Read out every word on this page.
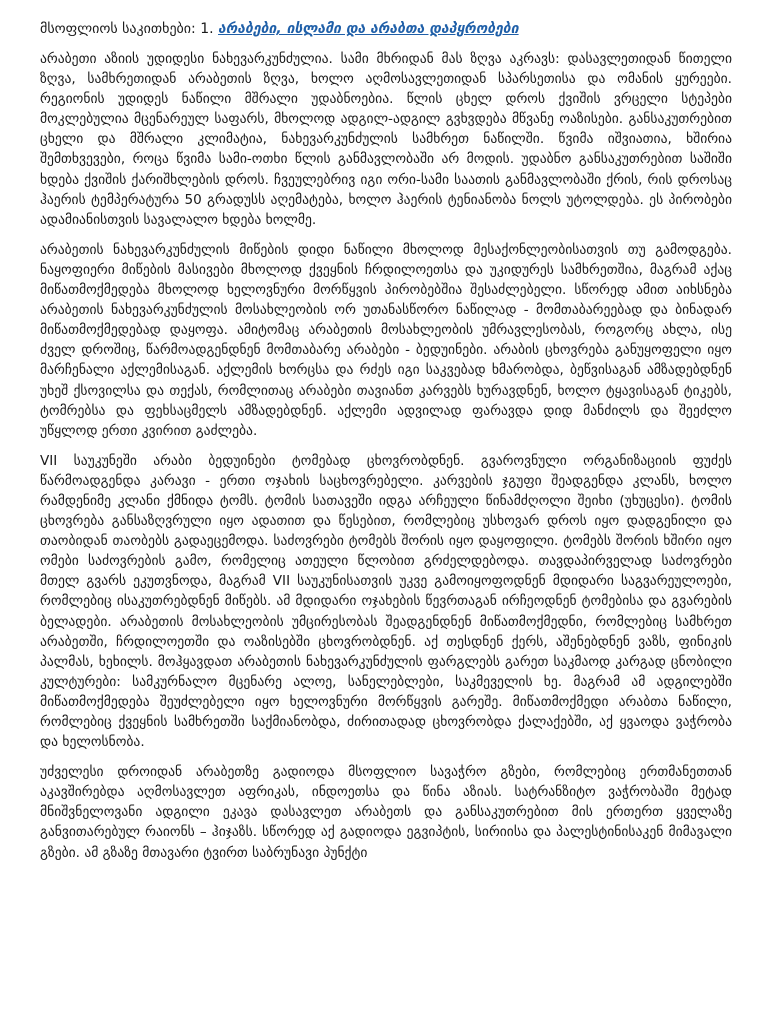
მსოფლიოს საკითხები: 1. არაბები, ისლამი და არაბთა დაპყრობები

არაბეთი აზიის უდიდესი ნახევარკუნძულია. სამი მხრიდან მას ზღვა აკრავს: დასავლეთიდან წითელი ზღვა, სამხრეთიდან არაბეთის ზღვა, ხოლო აღმოსავლეთიდან სპარსეთისა და ომანის ყურეები. რეგიონის უდიდეს ნაწილი მშრალი უდაბნოებია. წლის ცხელ დროს ქვიშის ვრცელი სტეპები მოკლებულია მცენარეულ საფარს, მხოლოდ ადგილ-ადგილ გვხვდება მწვანე ოაზისები. განსაკუთრებით ცხელი და მშრალი კლიმატია, ნახევარკუნძულის სამხრეთ ნაწილში. წვიმა იშვიათია, ხშირია შემთხვევები, როცა წვიმა სამი-ოთხი წლის განმავლობაში არ მოდის. უდაბნო განსაკუთრებით საშიში ხდება ქვიშის ქარიშხლების დროს. ჩვეულებრივ იგი ორი-სამი საათის განმავლობაში ქრის, რის დროსაც ჰაერის ტემპერატურა 50 გრადუსს აღემატება, ხოლო ჰაერის ტენიანობა ნოლს უტოლდება. ეს პირობები ადამიანისთვის სავალალო ხდება ხოლმე.

არაბეთის ნახევარკუნძულის მიწების დიდი ნაწილი მხოლოდ მესაქონლეობისათვის თუ გამოდგება. ნაყოფიერი მიწების მასივები მხოლოდ ქვეყნის ჩრდილოეთსა და უკიდურეს სამხრეთშია, მაგრამ აქაც მიწათმოქმედება მხოლოდ ხელოვნური მორწყვის პირობებშია შესაძლებელი. სწორედ ამით აიხსნება არაბეთის ნახევარკუნძულის მოსახლეობის ორ უთანასწორო ნაწილად - მომთაბარეებად და ბინადარ მიწათმოქმედებად დაყოფა. ამიტომაც არაბეთის მოსახლეობის უმრავლესობას, როგორც ახლა, ისე ძველ დროშიც, წარმოადგენდნენ მომთაბარე არაბები - ბედუინები. არაბის ცხოვრება განუყოფელი იყო მარჩენალი აქლემისაგან. აქლემის ხორცსა და რძეს იგი საკვებად ხმარობდა, ბეწვისაგან ამზადებდნენ უხეშ ქსოვილსა და თექას, რომლითაც არაბები თავიანთ კარვებს ხურავდნენ, ხოლო ტყავისაგან ტიკებს, ტომრებსა და ფეხსაცმელს ამზადებდნენ. აქლემი ადვილად ფარავდა დიდ მანძილს და შეეძლო უწყლოდ ერთი კვირით გაძლება.

VII საუკუნეში არაბი ბედუინები ტომებად ცხოვრობდნენ. გვაროვნული ორგანიზაციის ფუძეს წარმოადგენდა კარავი - ერთი ოჯახის საცხოვრებელი. კარვების ჯგუფი შეადგენდა კლანს, ხოლო რამდენიმე კლანი ქმნიდა ტომს. ტომის სათავეში იდგა არჩეული წინამძღოლი შეიხი (უხუცესი). ტომის ცხოვრება განსაზღვრული იყო ადათით და წესებით, რომლებიც უსხოვარ დროს იყო დადგენილი და თაობიდან თაობებს გადაეცემოდა. საძოვრები ტომებს შორის იყო დაყოფილი. ტომებს შორის ხშირი იყო ომები საძოვრების გამო, რომელიც ათეული წლობით გრძელდებოდა. თავდაპირველად საძოვრები მთელ გვარს ეკუთვნოდა, მაგრამ VII საუკუნისათვის უკვე გამოიყოფოდნენ მდიდარი საგვარეულოები, რომლებიც ისაკუთრებდნენ მიწებს. ამ მდიდარი ოჯახების წევრთაგან ირჩეოდნენ ტომებისა და გვარების ბელადები. არაბეთის მოსახლეობის უმცირესობას შეადგენდნენ მიწათმოქმედნი, რომლებიც სამხრეთ არაბეთში, ჩრდილოეთში და ოაზისებში ცხოვრობდნენ. აქ თესდნენ ქერს, აშენებდნენ ვაზს, ფინიკის პალმას, ხეხილს. მოჰყავდათ არაბეთის ნახევარკუნძულის ფარგლებს გარეთ საკმაოდ კარგად ცნობილი კულტურები: სამკურნალო მცენარე ალოე, სანელებლები, საკმეველის ხე. მაგრამ ამ ადგილებში მიწათმოქმედება შეუძლებელი იყო ხელოვნური მორწყვის გარეშე. მიწათმოქმედი არაბთა ნაწილი, რომლებიც ქვეყნის სამხრეთში საქმიანობდა, ძირითადად ცხოვრობდა ქალაქებში, აქ ყვაოდა ვაჭრობა და ხელოსნობა.

უძველესი დროიდან არაბეთზე გადიოდა მსოფლიო სავაჭრო გზები, რომლებიც ერთმანეთთან აკავშირებდა აღმოსავლეთ აფრიკას, ინდოეთსა და წინა აზიას. სატრანზიტო ვაჭრობაში მეტად მნიშვნელოვანი ადგილი ეკავა დასავლეთ არაბეთს და განსაკუთრებით მის ერთერთ ყველაზე განვითარებულ რაიონს – ჰიჯაზს. სწორედ აქ გადიოდა ეგვიპტის, სირიისა და პალესტინისაკენ მიმავალი გზები. ამ გზაზე მთავარი ტვირთ საბრუნავი პუნქტი
